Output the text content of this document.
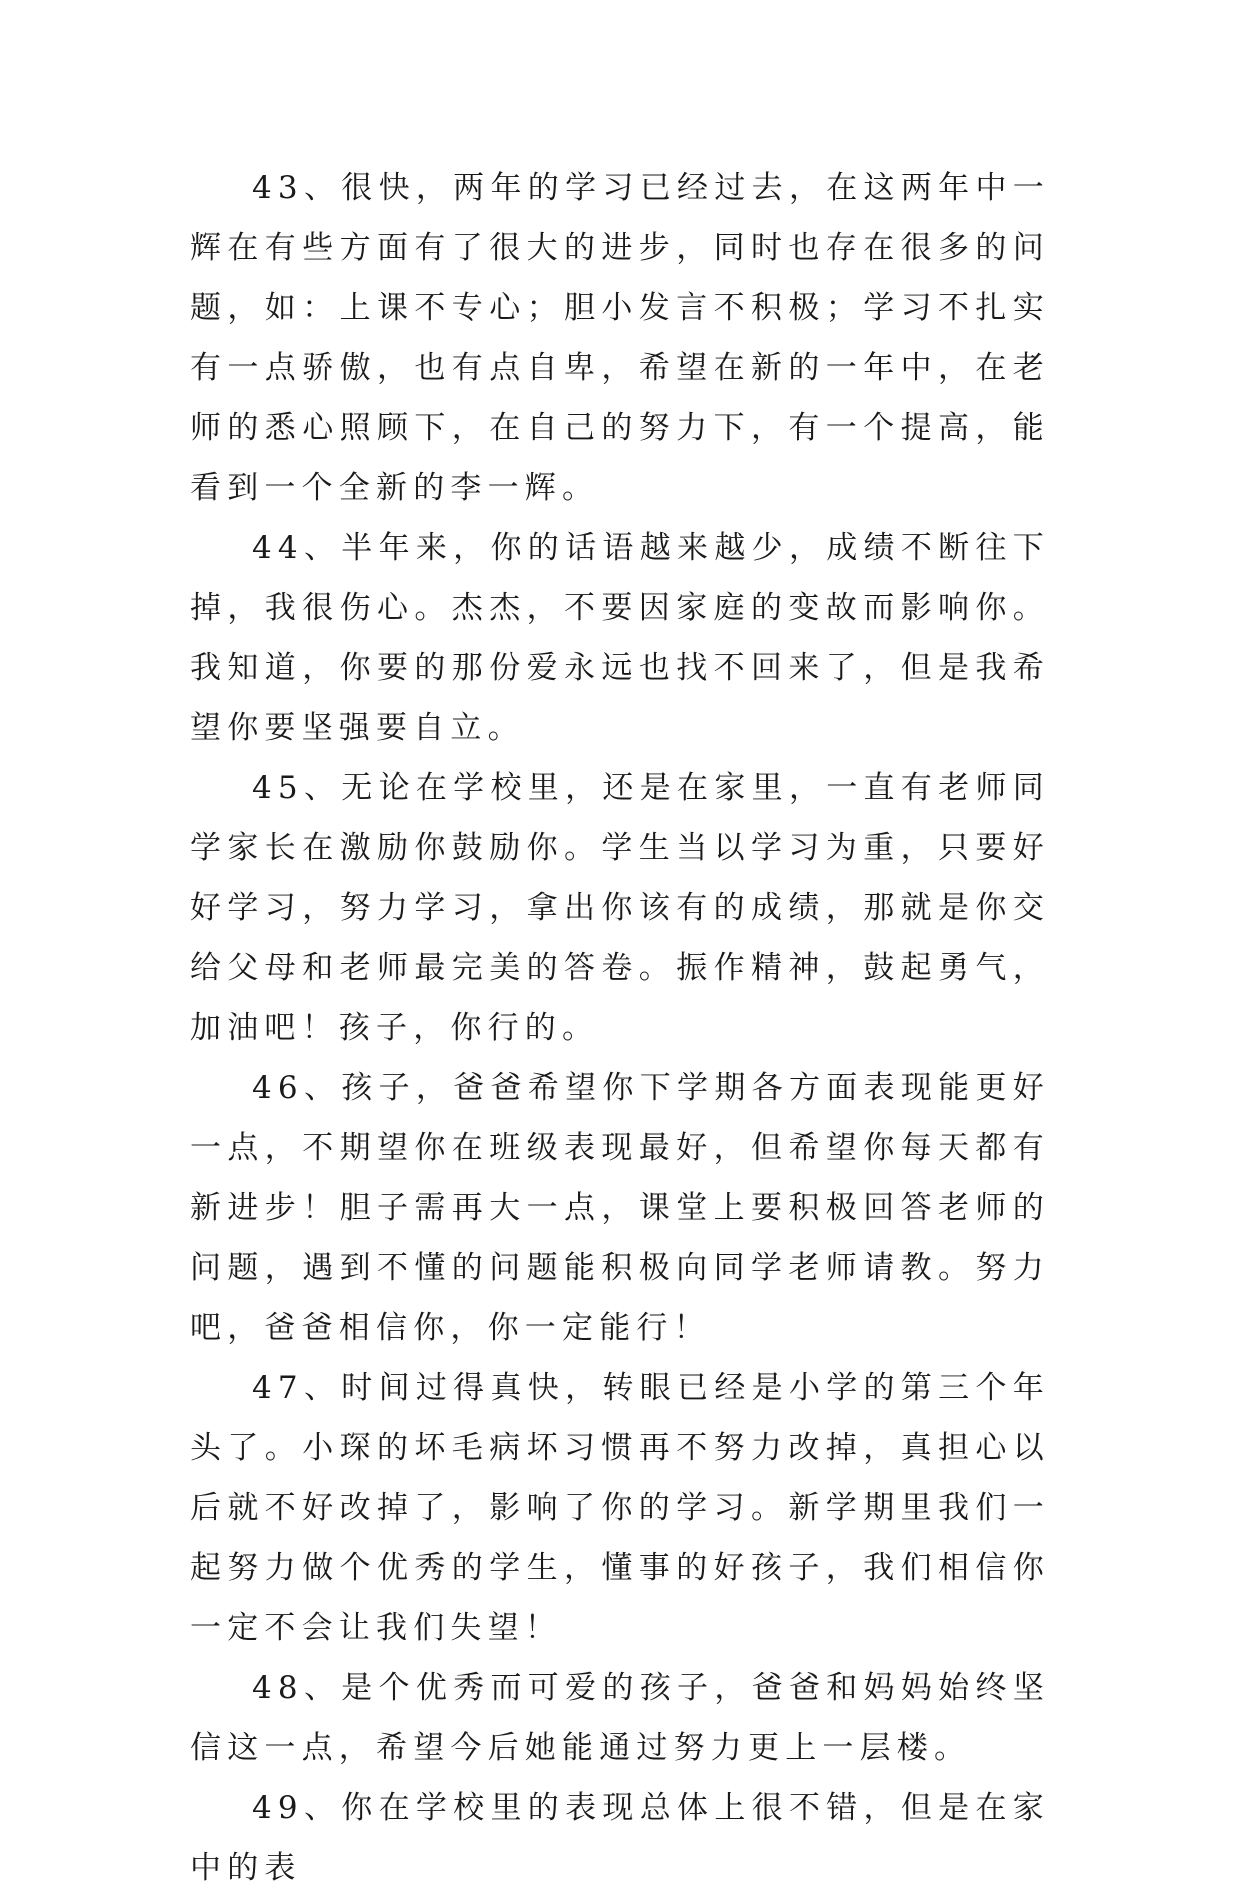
43、很快，两年的学习已经过去，在这两年中一辉在有些方面有了很大的进步，同时也存在很多的问题，如：上课不专心；胆小发言不积极；学习不扎实有一点骄傲，也有点自卑，希望在新的一年中，在老师的悉心照顾下，在自己的努力下，有一个提高，能看到一个全新的李一辉。

44、半年来，你的话语越来越少，成绩不断往下掉，我很伤心。杰杰，不要因家庭的变故而影响你。我知道，你要的那份爱永远也找不回来了，但是我希望你要坚强要自立。

45、无论在学校里，还是在家里，一直有老师同学家长在激励你鼓励你。学生当以学习为重，只要好好学习，努力学习，拿出你该有的成绩，那就是你交给父母和老师最完美的答卷。振作精神，鼓起勇气，加油吧！孩子，你行的。

46、孩子，爸爸希望你下学期各方面表现能更好一点，不期望你在班级表现最好，但希望你每天都有新进步！胆子需再大一点，课堂上要积极回答老师的问题，遇到不懂的问题能积极向同学老师请教。努力吧，爸爸相信你，你一定能行！

47、时间过得真快，转眼已经是小学的第三个年头了。小琛的坏毛病坏习惯再不努力改掉，真担心以后就不好改掉了，影响了你的学习。新学期里我们一起努力做个优秀的学生，懂事的好孩子，我们相信你一定不会让我们失望！

48、是个优秀而可爱的孩子，爸爸和妈妈始终坚信这一点，希望今后她能通过努力更上一层楼。

49、你在学校里的表现总体上很不错，但是在家中的表
